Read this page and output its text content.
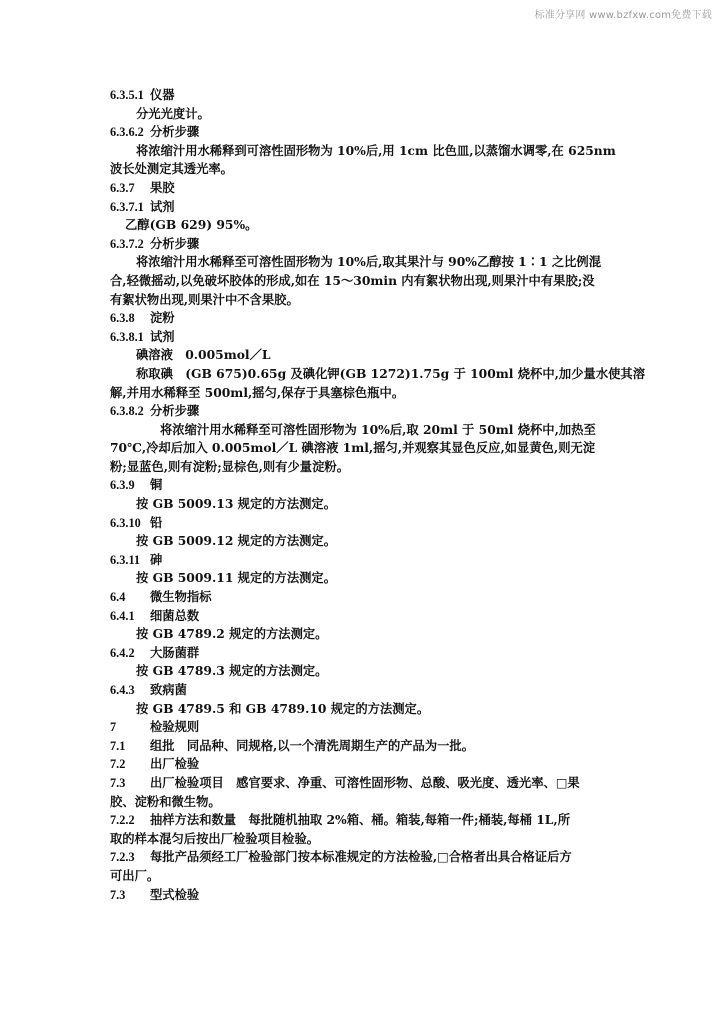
标准分享网 www.bzfxw.com免费下载
6.3.5.1 仪器
分光光度计。
6.3.6.2 分析步骤
将浓缩汁用水稀释到可溶性固形物为 10%后,用 1cm 比色皿,以蒸馏水调零,在 625nm
波长处测定其透光率。
6.3.7 果胶
6.3.7.1 试剂
乙醇(GB 629) 95%。
6.3.7.2 分析步骤
将浓缩汁用水稀释至可溶性固形物为 10%后,取其果汁与 90%乙醇按 1∶1 之比例混
合,轻微摇动,以免破坏胶体的形成,如在 15～30min 内有絮状物出现,则果汁中有果胶;没
有絮状物出现,则果汁中不含果胶。
6.3.8 淀粉
6.3.8.1 试剂
碘溶液　0.005mol／L
称取碘　(GB 675)0.65g 及碘化钾(GB 1272)1.75g 于 100ml 烧杯中,加少量水使其溶
解,并用水稀释至 500ml,摇匀,保存于具塞棕色瓶中。
6.3.8.2 分析步骤
将浓缩汁用水稀释至可溶性固形物为 10%后,取 20ml 于 50ml 烧杯中,加热至
70℃,冷却后加入 0.005mol／L 碘溶液 1ml,摇匀,并观察其显色反应,如显黄色,则无淀
粉;显蓝色,则有淀粉;显棕色,则有少量淀粉。
6.3.9 铜
按 GB 5009.13 规定的方法测定。
6.3.10 铅
按 GB 5009.12 规定的方法测定。
6.3.11 砷
按 GB 5009.11 规定的方法测定。
6.4 微生物指标
6.4.1 细菌总数
按 GB 4789.2 规定的方法测定。
6.4.2 大肠菌群
按 GB 4789.3 规定的方法测定。
6.4.3 致病菌
按 GB 4789.5 和 GB 4789.10 规定的方法测定。
7	检验规则
7.1 组批　同品种、同规格,以一个清洗周期生产的产品为一批。
7.2 出厂检验
7.3 出厂检验项目　感官要求、净重、可溶性固形物、总酸、吸光度、透光率、□果
胶、淀粉和微生物。
7.2.2 抽样方法和数量　每批随机抽取 2%箱、桶。箱装,每箱一件;桶装,每桶 1L,所
取的样本混匀后按出厂检验项目检验。
7.2.3 每批产品须经工厂检验部门按本标准规定的方法检验,□合格者出具合格证后方
可出厂。
7.3 型式检验
